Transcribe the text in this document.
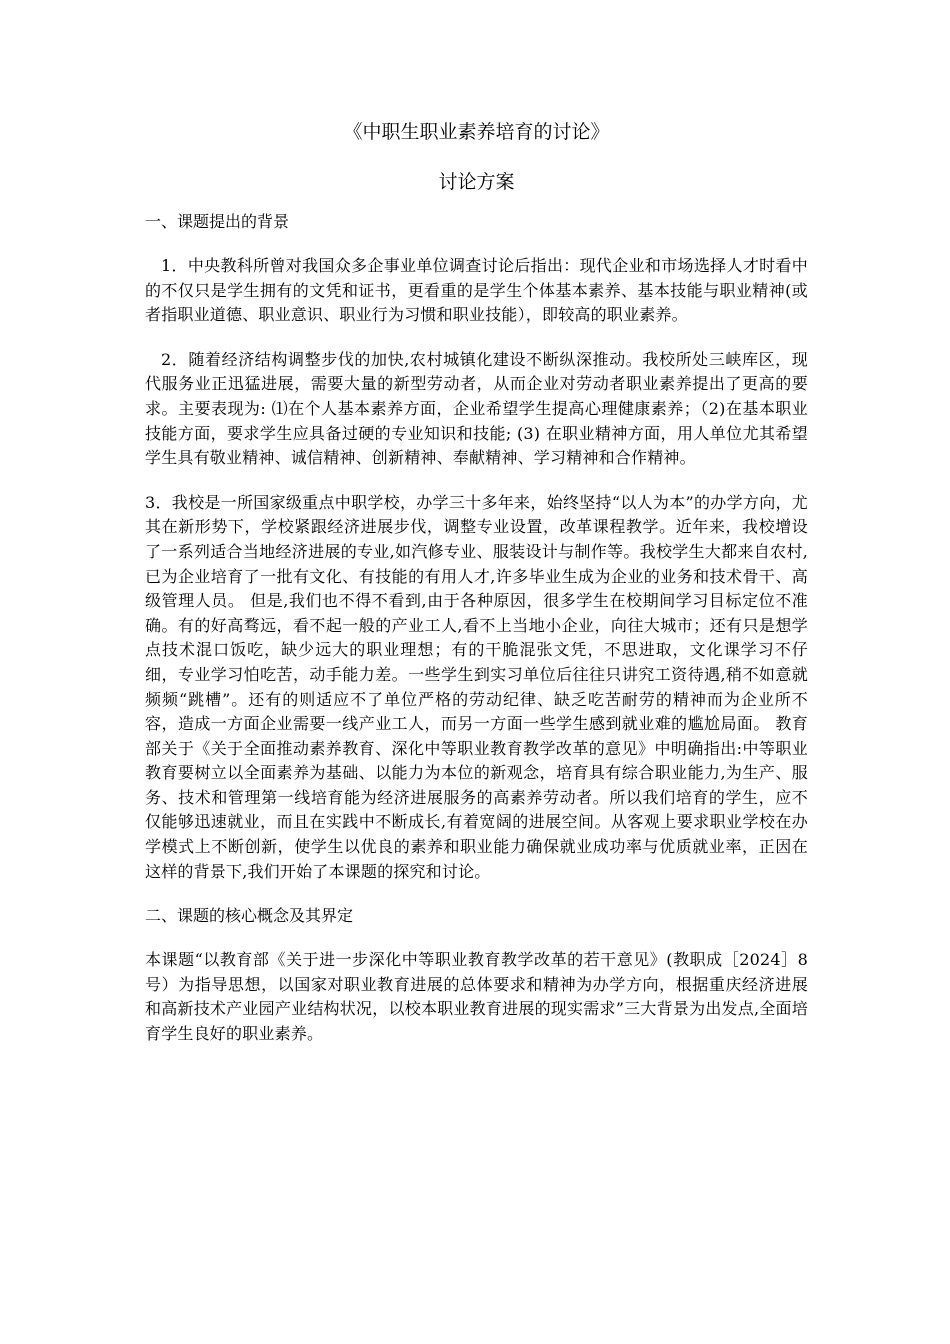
《中职生职业素养培育的讨论》
讨论方案

一、课题提出的背景

1．中央教科所曾对我国众多企事业单位调查讨论后指出：现代企业和市场选择人才时看中的不仅只是学生拥有的文凭和证书，更看重的是学生个体基本素养、基本技能与职业精神(或者指职业道德、职业意识、职业行为习惯和职业技能），即较高的职业素养。

2．随着经济结构调整步伐的加快,农村城镇化建设不断纵深推动。我校所处三峡库区，现代服务业正迅猛进展，需要大量的新型劳动者，从而企业对劳动者职业素养提出了更高的要求。主要表现为: ⑴在个人基本素养方面，企业希望学生提高心理健康素养；（2)在基本职业技能方面，要求学生应具备过硬的专业知识和技能; (3) 在职业精神方面，用人单位尤其希望学生具有敬业精神、诚信精神、创新精神、奉献精神、学习精神和合作精神。

3．我校是一所国家级重点中职学校，办学三十多年来，始终坚持“以人为本”的办学方向，尤其在新形势下，学校紧跟经济进展步伐，调整专业设置，改革课程教学。近年来，我校增设了一系列适合当地经济进展的专业,如汽修专业、服装设计与制作等。我校学生大都来自农村,已为企业培育了一批有文化、有技能的有用人才,许多毕业生成为企业的业务和技术骨干、高级管理人员。 但是,我们也不得不看到,由于各种原因，很多学生在校期间学习目标定位不准确。有的好高骛远，看不起一般的产业工人,看不上当地小企业，向往大城市；还有只是想学点技术混口饭吃，缺少远大的职业理想；有的干脆混张文凭，不思进取，文化课学习不仔细，专业学习怕吃苦，动手能力差。一些学生到实习单位后往往只讲究工资待遇,稍不如意就频频“跳槽”。还有的则适应不了单位严格的劳动纪律、缺乏吃苦耐劳的精神而为企业所不容，造成一方面企业需要一线产业工人，而另一方面一些学生感到就业难的尴尬局面。 教育部关于《关于全面推动素养教育、深化中等职业教育教学改革的意见》中明确指出:中等职业教育要树立以全面素养为基础、以能力为本位的新观念，培育具有综合职业能力,为生产、服务、技术和管理第一线培育能为经济进展服务的高素养劳动者。所以我们培育的学生，应不仅能够迅速就业，而且在实践中不断成长,有着宽阔的进展空间。从客观上要求职业学校在办学模式上不断创新，使学生以优良的素养和职业能力确保就业成功率与优质就业率，正因在这样的背景下,我们开始了本课题的探究和讨论。

二、课题的核心概念及其界定

本课题“以教育部《关于进一步深化中等职业教育教学改革的若干意见》(教职成［2024］8号）为指导思想，以国家对职业教育进展的总体要求和精神为办学方向，根据重庆经济进展和高新技术产业园产业结构状况，以校本职业教育进展的现实需求”三大背景为出发点,全面培育学生良好的职业素养。
